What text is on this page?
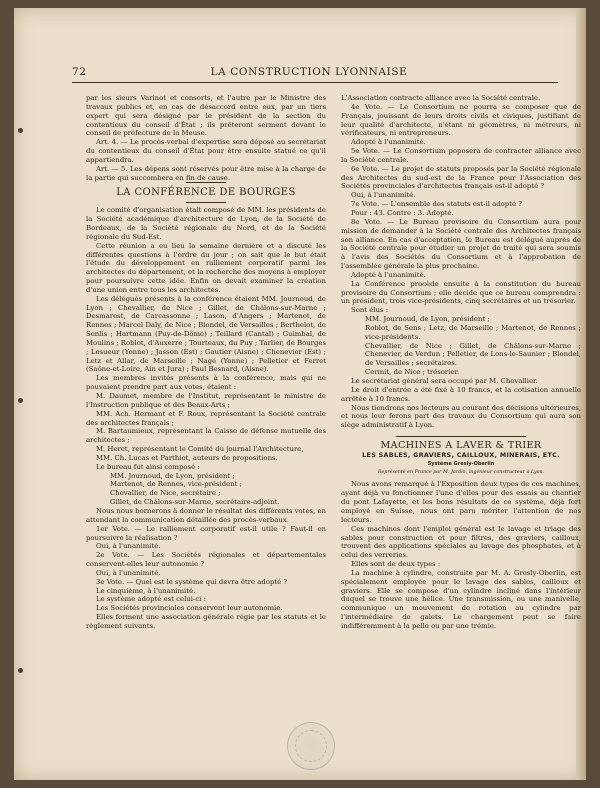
72	LA CONSTRUCTION LYONNAISE

par les sieurs Varinot et consorts, et l'autre par le Ministre des travaux publics et, en cas de désaccord entre eux, par un tiers expert qui sera désigné par le président de la section du contentieux du conseil d'État ; ils prêteront serment devant le conseil de préfecture de la Meuse.

Art. 4. — Le procès-verbal d'expertise sera déposé au secrétariat du contentieux du conseil d'État pour être ensuite statué ce qu'il appartiendra.

Art. — 5. Les dépens sont réservés pour être mise à la charge de la partie qui succombera en fin de cause.

LA CONFÉRENCE DE BOURGES

Le comité d'organisation était composé de MM. les présidents de la Société académique d'architecture de Lyon, de la Société de Bordeaux, de la Société régionale du Nord, et de la Société régionale du Sud-Est.

Cette réunion a eu lieu la semaine dernière et a discuté les différentes questions à l'ordre du jour ; on sait que le but était l'étude du développement en ralliement corporatif parmi les architectes du département, et la recherche des moyens à employer pour poursuivre cette idée. Enfin on devait examiner la création d'une union entre tous les architectes.

Les délégués présents à la conférence étaient MM. Journoud, de Lyon ; Chevallier, de Nice ; Gillet, de Châlons-sur-Marne ; Desmarest, de Carcassonne ; Lason, d'Angers ; Martenot, de Rennes ; Marcel Daly, de Nice ; Blondel, de Versailles ; Berthelot, de Senlis ; Hartmann (Puy-de-Dôme) ; Teillard (Cantal) ; Guimbal, de Moulins ; Roblot, d'Auxerre ; Tourteaux, du Puy ; Tarlier, de Bourges ; Lesueur (Yonne) ; Jasson (Est) ; Gautier (Aisne) ; Chenevier (Est) ; Letz et Allar, de Marseille ; Nagé (Yonne) ; Pelletier et Ferret (Saône-et-Loire, Ain et Jura) ; Paul Besnard, (Aisne).

Les membres invités présents à la conférence, mais qui ne pouvaient prendre part aux votes, étaient :

M. Daumet, membre de l'Institut, représentant le ministre de l'Instruction publique et des Beaux-Arts ;

MM. Ach. Hermant et F. Roux, représentant la Société centrale des architectes français ;

M. Bartaumieux, représentant la Caisse de défense mutuelle des architectes ;

M. Heret, représentant le Comité du journal l'Architecture,

MM. Ch. Lucas et Parthiot, auteurs de propositions.

Le bureau fut ainsi composé :

MM. Journoud, de Lyon, président ;

Martenot, de Rennes, vice-président ;

Chevallier, de Nice, secrétaire ;

Gillet, de Châlons-sur-Marne, secrétaire-adjoint.

Nous nous bornerons à donner le résultat des différents votes, en attendant la communication détaillée des procès-verbaux.

1er Vote. — Le ralliement corporatif est-il utile ? Faut-il en poursuivre la réalisation ?

Oui, à l'unanimité.

2e Vote. — Les Sociétés régionales et départementales conservent-elles leur autonomie ?

Oui, à l'unanimité.

3e Vote. — Quel est le système qui devra être adopté ?

Le cinquième, à l'unanimité.

Le système adopté est celui-ci :

Les Sociétés provinciales conservent leur autonomie.

Elles forment une association générale régie par les statuts et le règlement suivants.

L'Association contracte alliance avec la Société centrale.

4e Vote. — Le Consortium ne pourra se composer que de Français, jouissant de leurs droits civils et civiques, justifiant de leur qualité d'architecte, n'étant ni géomètres, ni métreurs, ni vérificateurs, ni entrepreneurs.

Adopté à l'unanimité.

5e Vote. — Le Consortium poposera de contracter alliance avec la Société centrale.

6e Vote. — Le projet de statuts proposés par la Société régionale des Architectes du sud-est de la France pour l'Association des Sociétés provinciales d'architectes français est-il adopté ?

Oui, à l'unanimité.

7e Vote. — L'ensemble des statuts est-il adopté ?

Pour : 43. Contre : 3. Adopté.

8e Vote. — Le Bureau provisoire du Consortium aura pour mission de demander à la Société centrale des Architectes français son alliance. En cas d'acceptation, le Bureau est délégué auprès de la Société centrale pour étudier un projet de traité qui sera soumis à l'avis des Sociétés du Consortium et à l'approbation de l'assemblée générale la plus prochaine.

Adopté à l'unanimité.

La Conférence procède ensuite à la constitution du bureau provisoire du Consortium ; elle décide que ce bureau comprendra : un président, trois vice-présidents, cinq secrétaires et un trésorier.

Sont élus :

MM. Journoud, de Lyon, président ;

Roblot, de Sens ; Letz, de Marseille ; Martenot, de Rennes ; vice-présidents.

Chevallier, de Nice ; Gillet, de Châlons-sur-Marne ; Chenevier, de Verdun ; Pelletier, de Lons-le-Saunier ; Blondel, de Versailles ; secrétaires.

Cermit, de Nice ; trésorier.

Le secrétariat général sera occupé par M. Chevallier.

Le droit d'entrée a été fixé à 10 francs, et la cotisation annuelle arrêtée à 10 francs.

Nous tiendrons nos lecteurs au courant des décisions ultérieures, et nous leur ferons part des travaux du Consortium qui aura son siège administratif à Lyon.

MACHINES A LAVER & TRIER
LES SABLES, GRAVIERS, CAILLOUX, MINERAIS, ETC.
Système Gresly-Oberlin
Représenté en France par M. Jardin, ingénieur constructeur à Lyon.

Nous avons remarqué à l'Exposition deux types de ces machines, ayant déjà vu fonctionner l'une d'elles pour des essais au chantier du pont Lafayette, et les bons résultats de ce système, déjà fort employé en Suisse, nous ont paru mériter l'attention de nos lecteurs.

Ces machines dont l'emploi général est le lavage et triage des sables pour construction et pour filtres, des graviers, cailloux, trouvent des applications spéciales au lavage des phosphates, et à celui des verreries.

Elles sont de deux types :

La machine à cylindre, construite par M. A. Gresly-Oberlin, est spécialement employée pour le lavage des sables, cailloux et graviers. Elle se compose d'un cylindre incliné dans l'intérieur duquel se trouve une hélice. Une transmission, ou une manivelle, communique un mouvement de rotation au cylindre par l'intermédiaire de galets. Le chargement peut se faire indifféremment à la pelle ou par une trémie.
